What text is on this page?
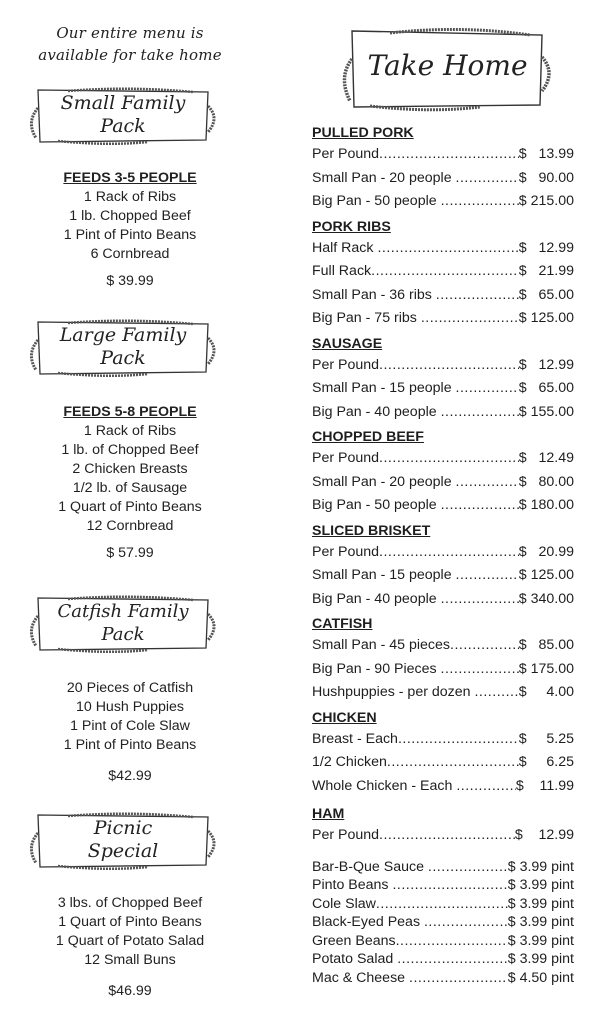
Our entire menu is
available for take home
Small Family
Pack
FEEDS 3-5 PEOPLE
1 Rack of Ribs
1 lb. Chopped Beef
1 Pint of Pinto Beans
6 Cornbread
$ 39.99
Large Family
Pack
FEEDS 5-8 PEOPLE
1 Rack of Ribs
1 lb. of Chopped Beef
2 Chicken Breasts
1/2 lb. of Sausage
1 Quart of Pinto Beans
12 Cornbread
$ 57.99
Catfish Family
Pack
20 Pieces of Catfish
10 Hush Puppies
1 Pint of Cole Slaw
1 Pint of Pinto Beans
$42.99
Picnic
Special
3 lbs. of Chopped Beef
1 Quart of Pinto Beans
1 Quart of Potato Salad
12 Small Buns
$46.99
Take Home
PULLED PORK
Per Pound .....	$   13.99
Small Pan - 20 people .....	$   90.00
Big Pan - 50 people .....	$ 215.00
PORK RIBS
Half Rack .....	$   12.99
Full Rack .....	$   21.99
Small Pan - 36 ribs .....	$   65.00
Big Pan - 75 ribs .....	$ 125.00
SAUSAGE
Per Pound .....	$   12.99
Small Pan - 15 people .....	$   65.00
Big Pan - 40 people .....	$ 155.00
CHOPPED BEEF
Per Pound .....	$   12.49
Small Pan - 20 people .....	$   80.00
Big Pan - 50 people .....	$ 180.00
SLICED BRISKET
Per Pound .....	$   20.99
Small Pan - 15 people .....	$ 125.00
Big Pan - 40 people .....	$ 340.00
CATFISH
Small Pan - 45 pieces .....	$   85.00
Big Pan - 90 Pieces .....	$ 175.00
Hushpuppies - per dozen .....	$     4.00
CHICKEN
Breast - Each .....	$     5.25
1/2 Chicken .....	$     6.25
Whole Chicken - Each .....	$    11.99
HAM
Per Pound .....	$    12.99
Bar-B-Que Sauce .....	$ 3.99 pint
Pinto Beans .....	$ 3.99 pint
Cole Slaw .....	$ 3.99 pint
Black-Eyed Peas .....	$ 3.99 pint
Green Beans .....	$ 3.99 pint
Potato Salad .....	$ 3.99 pint
Mac & Cheese .....	$ 4.50 pint
